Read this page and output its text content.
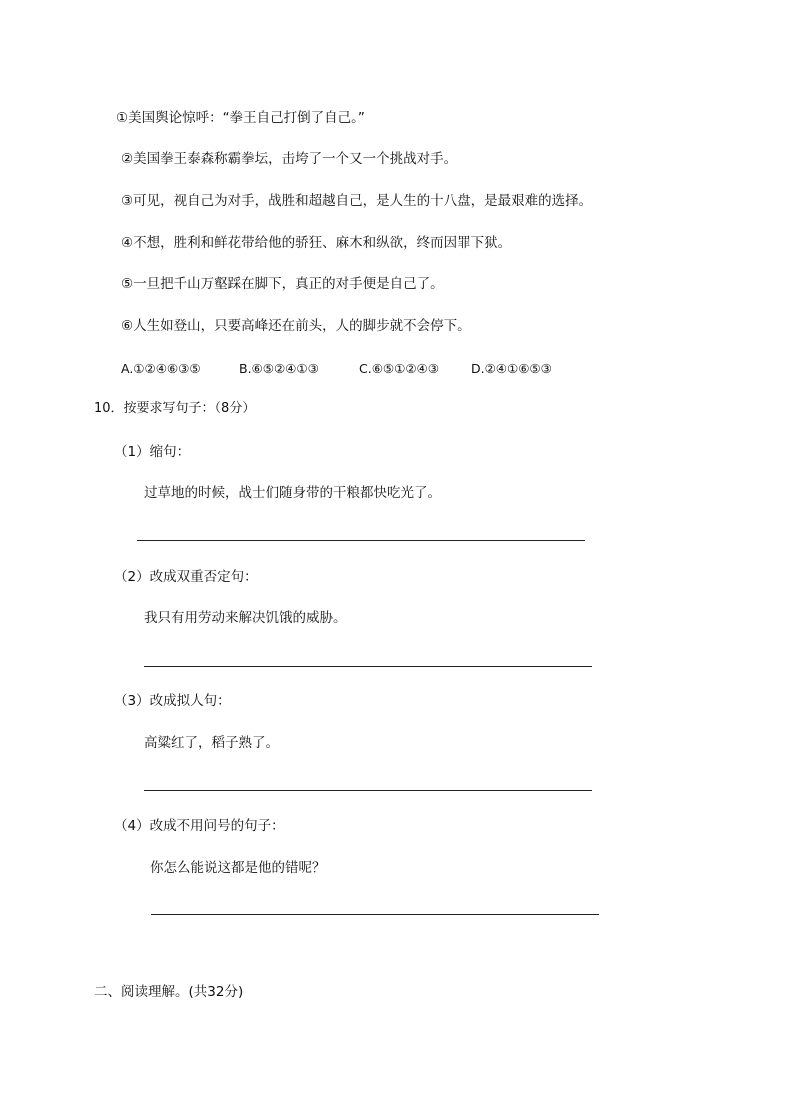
①美国舆论惊呼：“拳王自己打倒了自己。”
②美国拳王泰森称霸拳坛，击垮了一个又一个挑战对手。
③可见，视自己为对手，战胜和超越自己，是人生的十八盘，是最艰难的选择。
④不想，胜利和鲜花带给他的骄狂、麻木和纵欲，终而因罪下狱。
⑤一旦把千山万壑踩在脚下，真正的对手便是自己了。
⑥人生如登山，只要高峰还在前头，人的脚步就不会停下。
A.①②④⑥③⑤	B.⑥⑤②④①③	C.⑥⑤①②④③	D.②④①⑥⑤③
10．按要求写句子：（8分）
（1）缩句：
过草地的时候，战士们随身带的干粮都快吃光了。
（2）改成双重否定句：
我只有用劳动来解决饥饿的威胁。
（3）改成拟人句：
高粱红了，稻子熟了。
（4）改成不用问号的句子：
你怎么能说这都是他的错呢？
二、阅读理解。(共32分)
